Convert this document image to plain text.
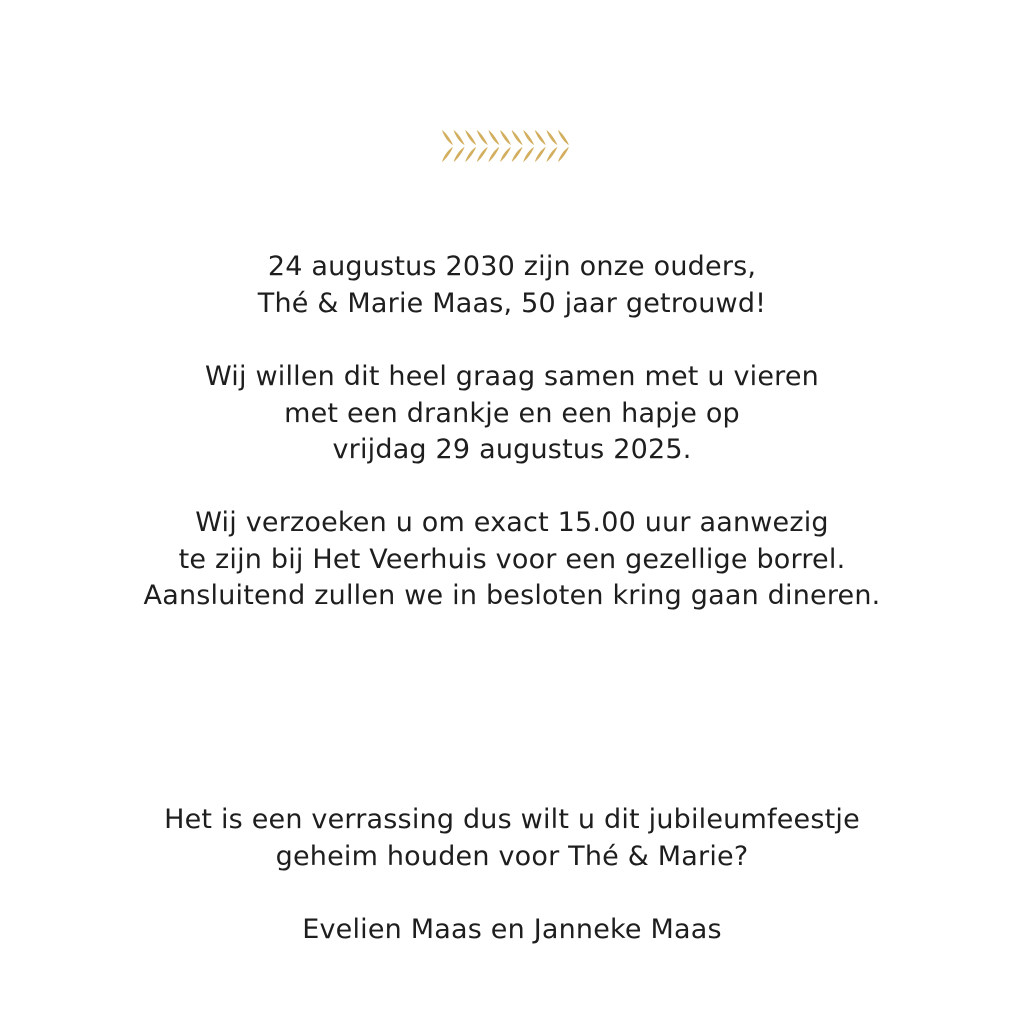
24 augustus 2030 zijn onze ouders,
Thé & Marie Maas, 50 jaar getrouwd!
Wij willen dit heel graag samen met u vieren
met een drankje en een hapje op
vrijdag 29 augustus 2025.
Wij verzoeken u om exact 15.00 uur aanwezig
te zijn bij Het Veerhuis voor een gezellige borrel.
Aansluitend zullen we in besloten kring gaan dineren.
Het is een verrassing dus wilt u dit jubileumfeestje
geheim houden voor Thé & Marie?
Evelien Maas en Janneke Maas
